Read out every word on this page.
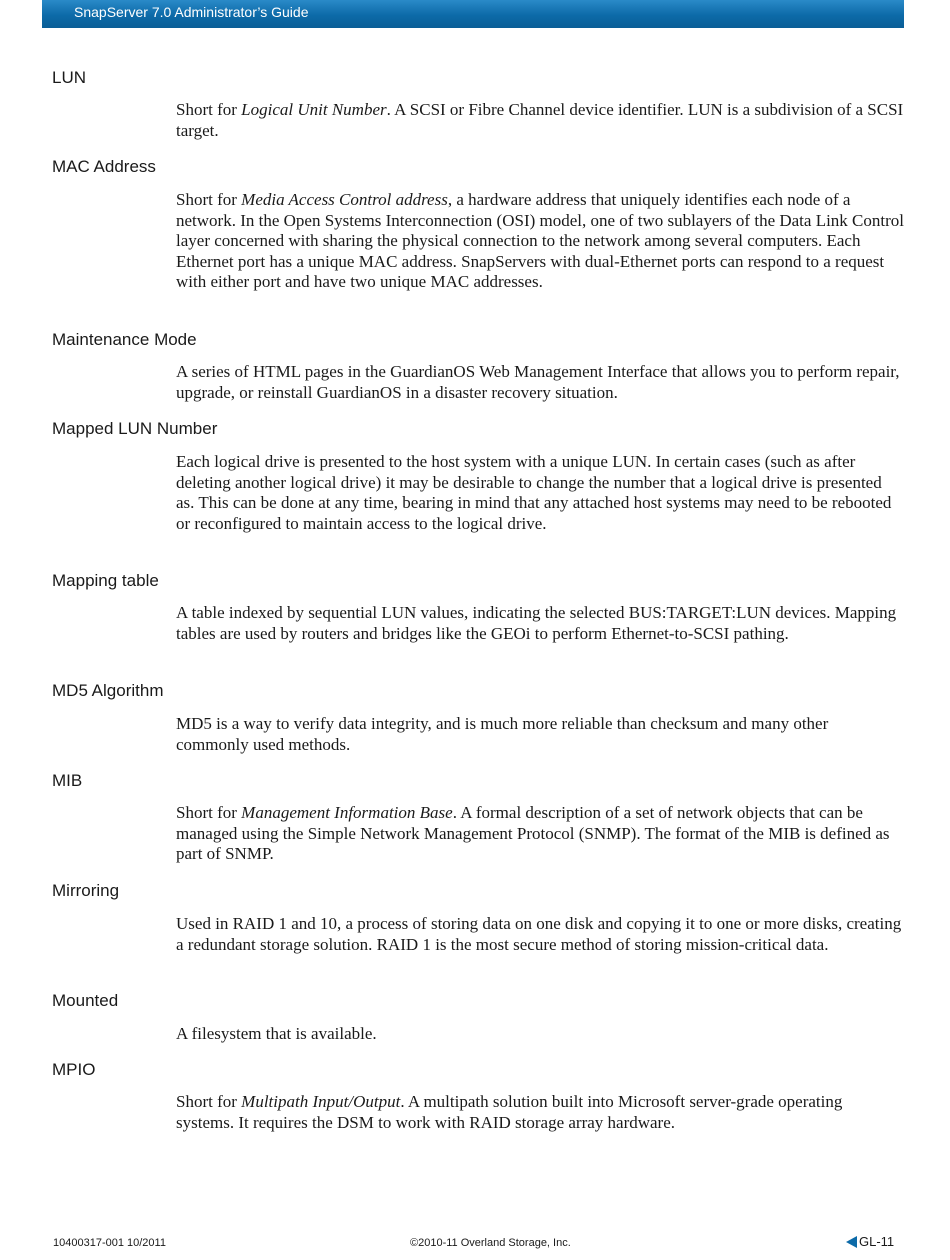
SnapServer 7.0 Administrator’s Guide
LUN
Short for Logical Unit Number. A SCSI or Fibre Channel device identifier. LUN is a subdivision of a SCSI target.
MAC Address
Short for Media Access Control address, a hardware address that uniquely identifies each node of a network. In the Open Systems Interconnection (OSI) model, one of two sublayers of the Data Link Control layer concerned with sharing the physical connection to the network among several computers. Each Ethernet port has a unique MAC address. SnapServers with dual-Ethernet ports can respond to a request with either port and have two unique MAC addresses.
Maintenance Mode
A series of HTML pages in the GuardianOS Web Management Interface that allows you to perform repair, upgrade, or reinstall GuardianOS in a disaster recovery situation.
Mapped LUN Number
Each logical drive is presented to the host system with a unique LUN. In certain cases (such as after deleting another logical drive) it may be desirable to change the number that a logical drive is presented as. This can be done at any time, bearing in mind that any attached host systems may need to be rebooted or reconfigured to maintain access to the logical drive.
Mapping table
A table indexed by sequential LUN values, indicating the selected BUS:TARGET:LUN devices. Mapping tables are used by routers and bridges like the GEOi to perform Ethernet-to-SCSI pathing.
MD5 Algorithm
MD5 is a way to verify data integrity, and is much more reliable than checksum and many other commonly used methods.
MIB
Short for Management Information Base. A formal description of a set of network objects that can be managed using the Simple Network Management Protocol (SNMP). The format of the MIB is defined as part of SNMP.
Mirroring
Used in RAID 1 and 10, a process of storing data on one disk and copying it to one or more disks, creating a redundant storage solution. RAID 1 is the most secure method of storing mission-critical data.
Mounted
A filesystem that is available.
MPIO
Short for Multipath Input/Output. A multipath solution built into Microsoft server-grade operating systems. It requires the DSM to work with RAID storage array hardware.
10400317-001 10/2011	©2010-11 Overland Storage, Inc.	GL-11
